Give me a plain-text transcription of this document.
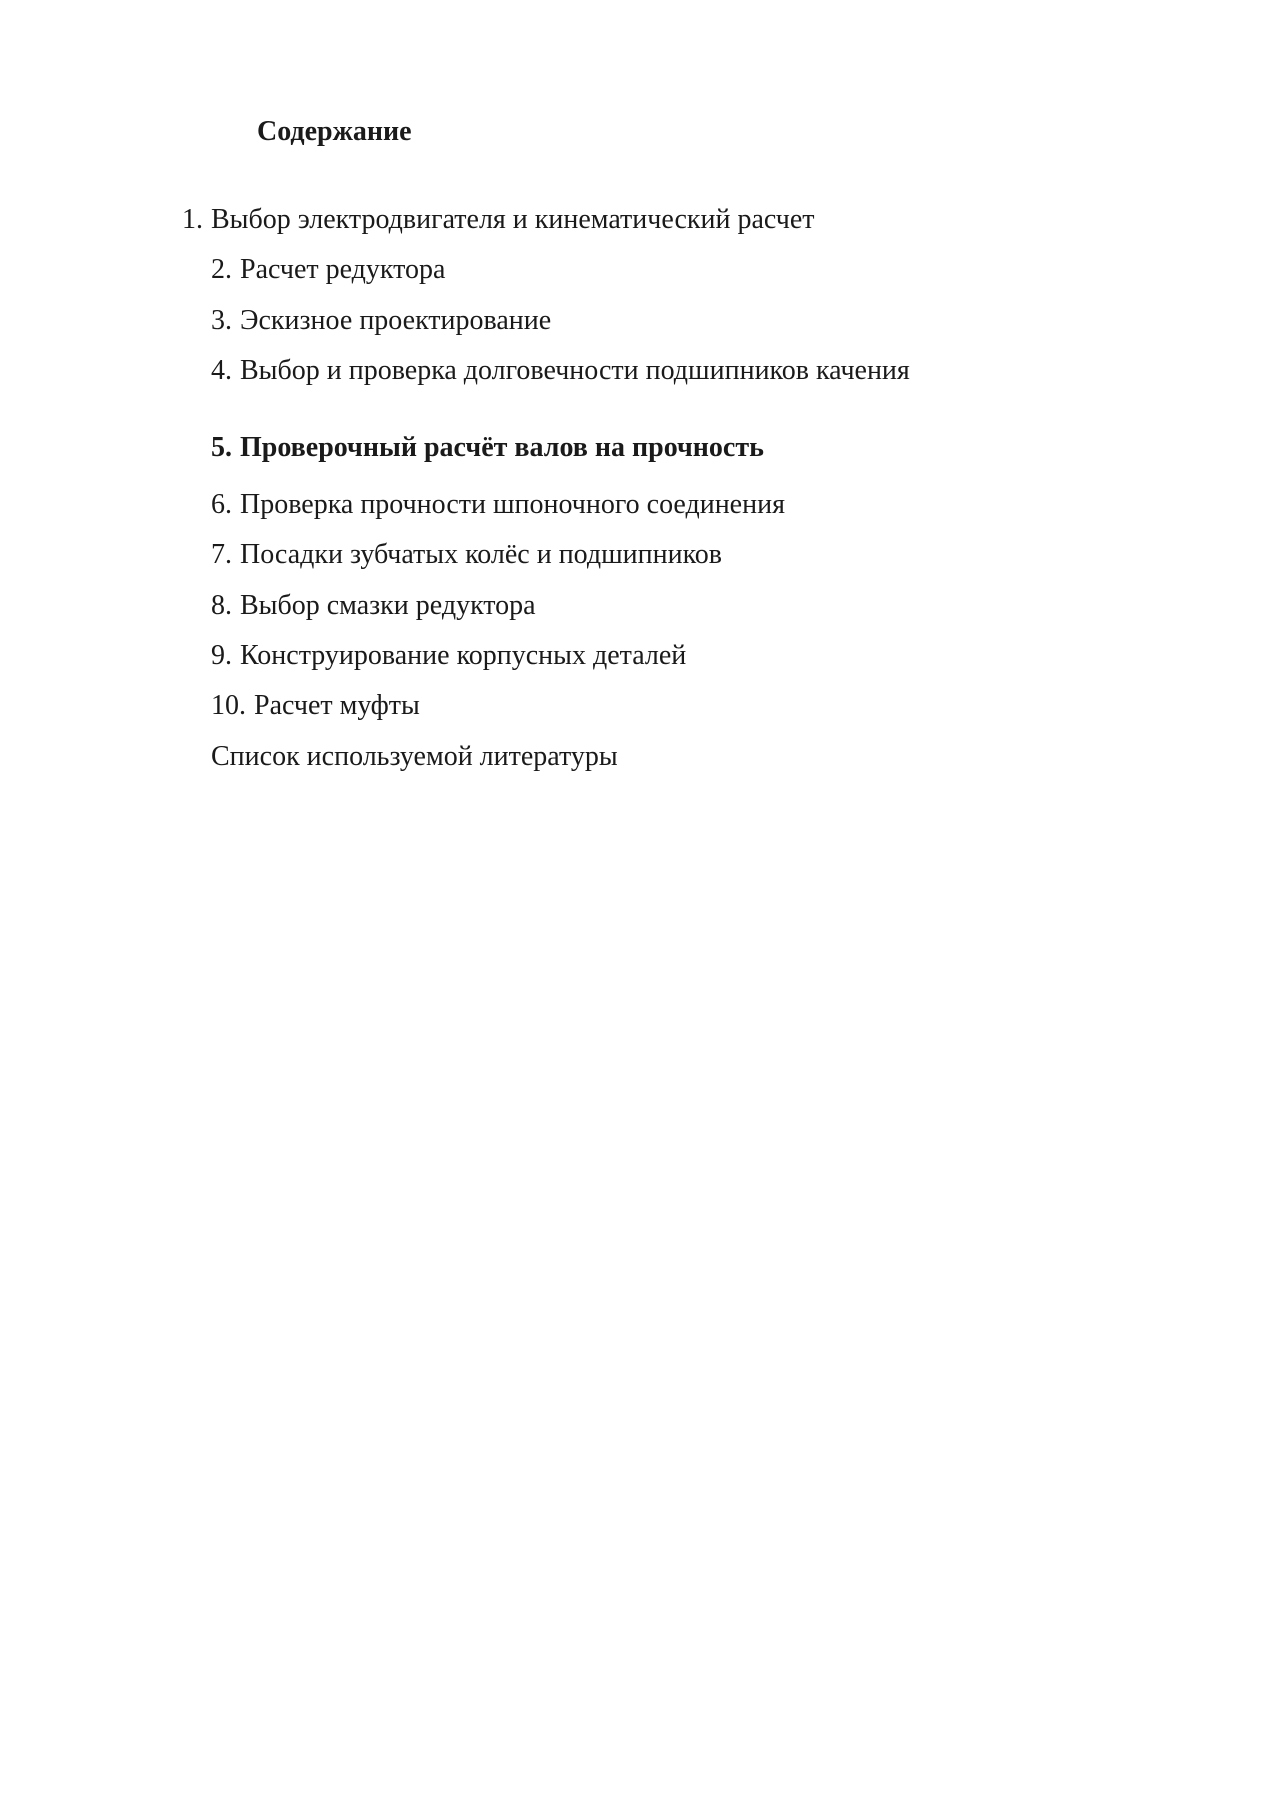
Содержание
1. Выбор электродвигателя и кинематический расчет
2. Расчет редуктора
3. Эскизное проектирование
4. Выбор и проверка долговечности подшипников качения
5. Проверочный расчёт валов на прочность
6. Проверка прочности шпоночного соединения
7. Посадки зубчатых колёс и подшипников
8. Выбор смазки редуктора
9. Конструирование корпусных деталей
10. Расчет муфты
Список используемой литературы
